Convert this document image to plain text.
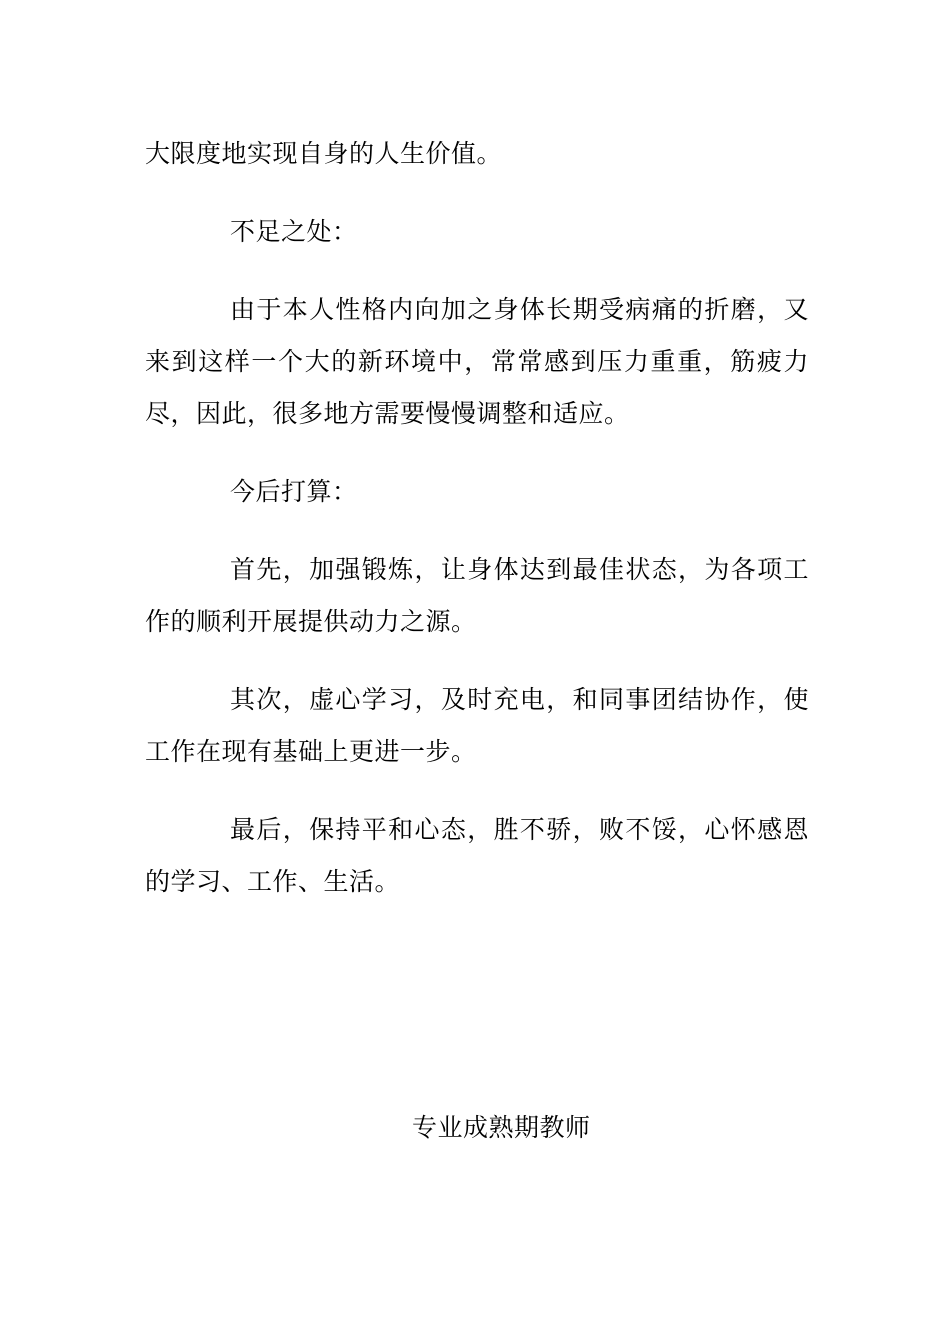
大限度地实现自身的人生价值。

不足之处：

由于本人性格内向加之身体长期受病痛的折磨，又来到这样一个大的新环境中，常常感到压力重重，筋疲力尽，因此，很多地方需要慢慢调整和适应。

今后打算：

首先，加强锻炼，让身体达到最佳状态，为各项工作的顺利开展提供动力之源。

其次，虚心学习，及时充电，和同事团结协作，使工作在现有基础上更进一步。

最后，保持平和心态，胜不骄，败不馁，心怀感恩的学习、工作、生活。

专业成熟期教师
